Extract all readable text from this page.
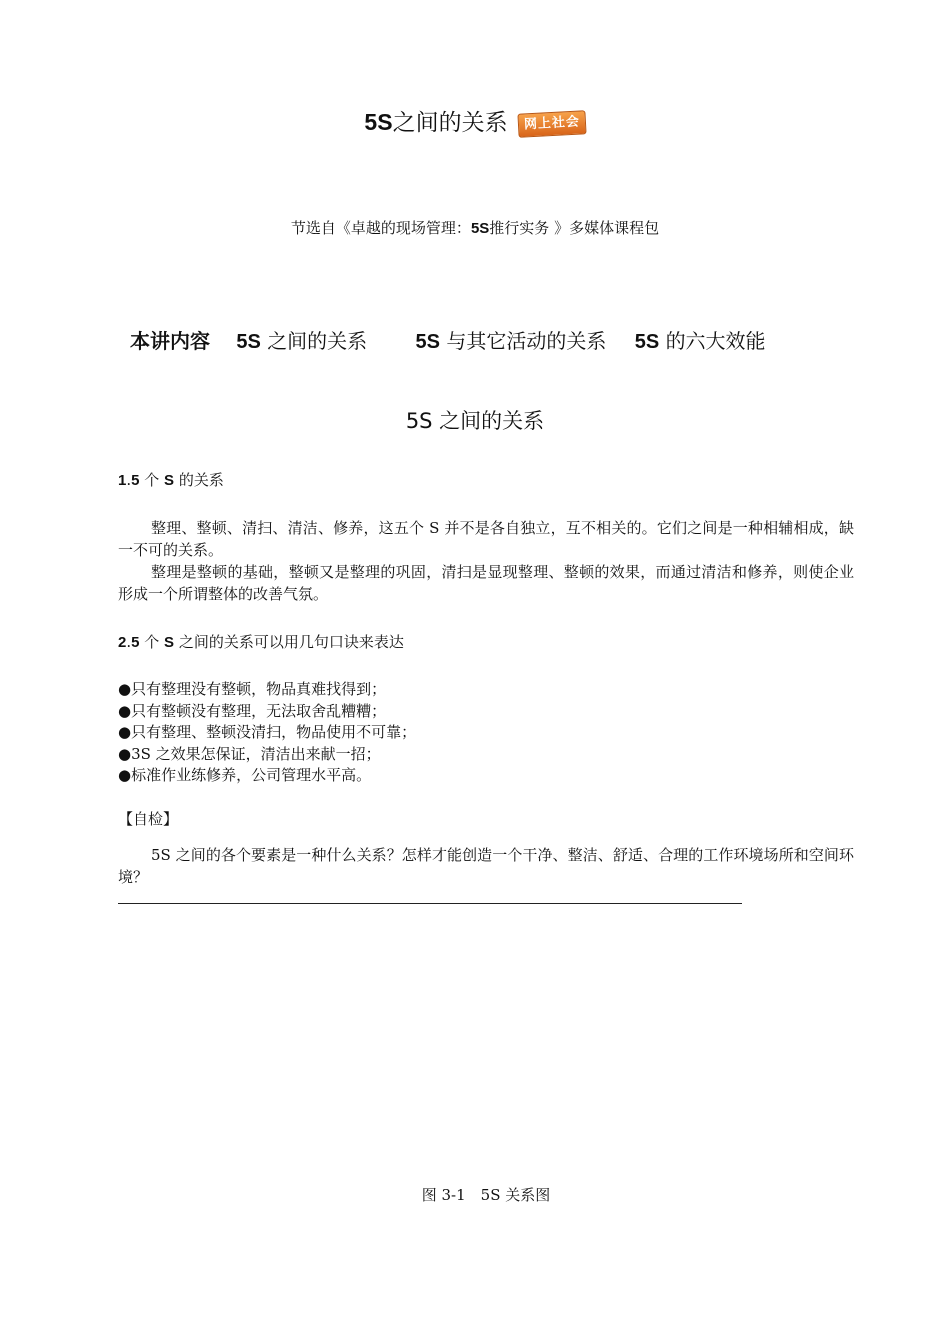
5S之间的关系 网上社会
节选自《卓越的现场管理：5S推行实务 》多媒体课程包
本讲内容 5S 之间的关系 5S 与其它活动的关系 5S 的六大效能
5S 之间的关系
1.5 个 S 的关系
整理、整顿、清扫、清洁、修养，这五个 S 并不是各自独立，互不相关的。它们之间是一种相辅相成，缺一不可的关系。
整理是整顿的基础，整顿又是整理的巩固，清扫是显现整理、整顿的效果，而通过清洁和修养，则使企业形成一个所谓整体的改善气氛。
2.5 个 S 之间的关系可以用几句口诀来表达
●只有整理没有整顿，物品真难找得到；
●只有整顿没有整理，无法取舍乱糟糟；
●只有整理、整顿没清扫，物品使用不可靠；
●3S 之效果怎保证，清洁出来献一招；
●标准作业练修养，公司管理水平高。
【自检】
5S 之间的各个要素是一种什么关系？怎样才能创造一个干净、整洁、舒适、合理的工作环境场所和空间环境？
图 3-1　5S 关系图
